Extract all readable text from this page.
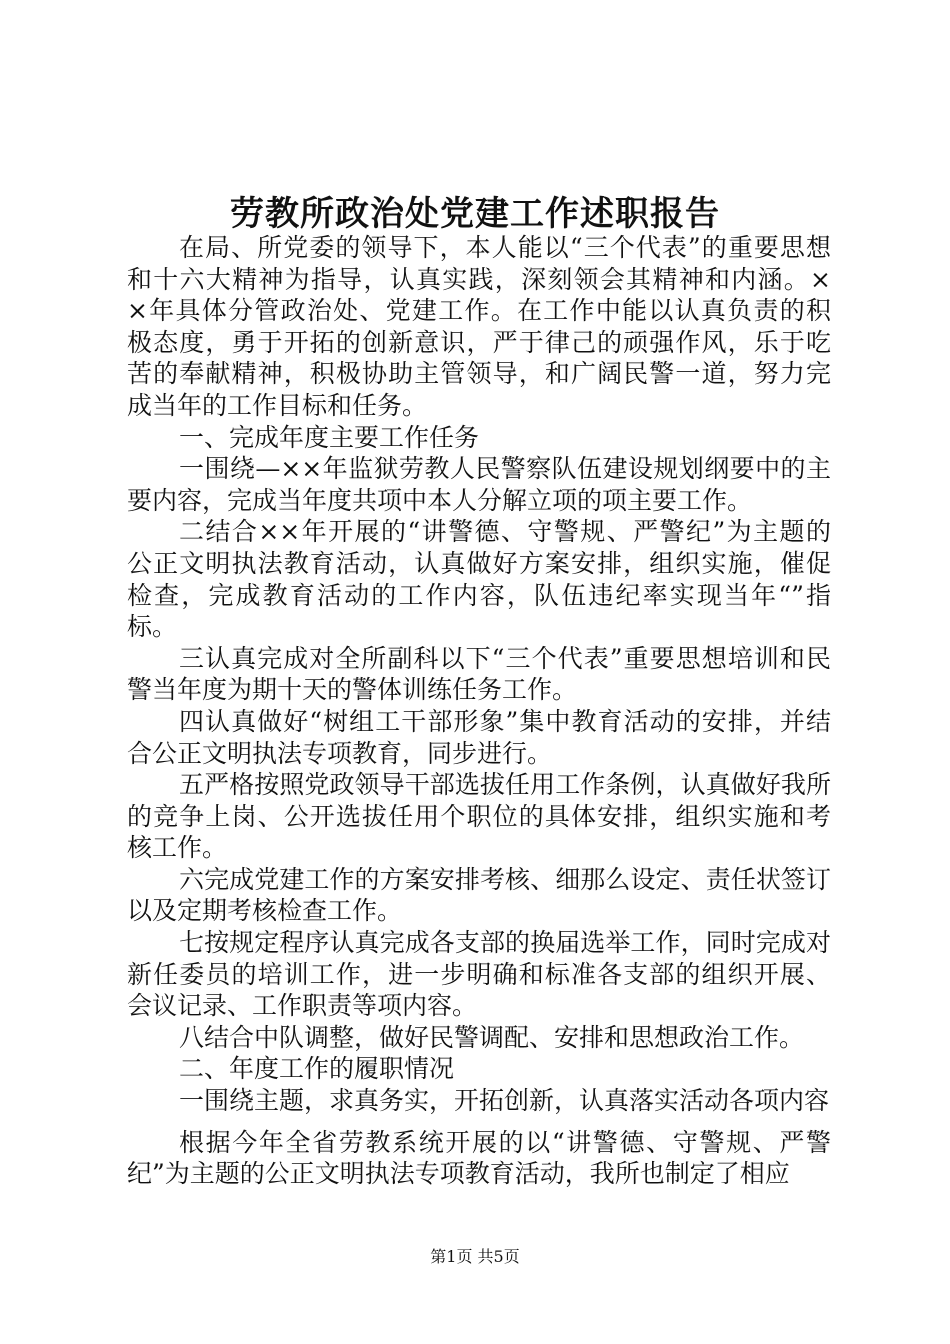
劳教所政治处党建工作述职报告
在局、所党委的领导下，本人能以“三个代表”的重要思想
和十六大精神为指导，认真实践，深刻领会其精神和内涵。×
×年具体分管政治处、党建工作。在工作中能以认真负责的积
极态度，勇于开拓的创新意识，严于律己的顽强作风，乐于吃
苦的奉献精神，积极协助主管领导，和广阔民警一道，努力完
成当年的工作目标和任务。
一、完成年度主要工作任务
一围绕—××年监狱劳教人民警察队伍建设规划纲要中的主
要内容，完成当年度共项中本人分解立项的项主要工作。
二结合××年开展的“讲警德、守警规、严警纪”为主题的
公正文明执法教育活动，认真做好方案安排，组织实施，催促
检查，完成教育活动的工作内容，队伍违纪率实现当年“”指
标。
三认真完成对全所副科以下“三个代表”重要思想培训和民
警当年度为期十天的警体训练任务工作。
四认真做好“树组工干部形象”集中教育活动的安排，并结
合公正文明执法专项教育，同步进行。
五严格按照党政领导干部选拔任用工作条例，认真做好我所
的竞争上岗、公开选拔任用个职位的具体安排，组织实施和考
核工作。
六完成党建工作的方案安排考核、细那么设定、责任状签订
以及定期考核检查工作。
七按规定程序认真完成各支部的换届选举工作，同时完成对
新任委员的培训工作，进一步明确和标准各支部的组织开展、
会议记录、工作职责等项内容。
八结合中队调整，做好民警调配、安排和思想政治工作。
二、年度工作的履职情况
一围绕主题，求真务实，开拓创新，认真落实活动各项内容
根据今年全省劳教系统开展的以“讲警德、守警规、严警
纪”为主题的公正文明执法专项教育活动，我所也制定了相应
第1页 共5页
